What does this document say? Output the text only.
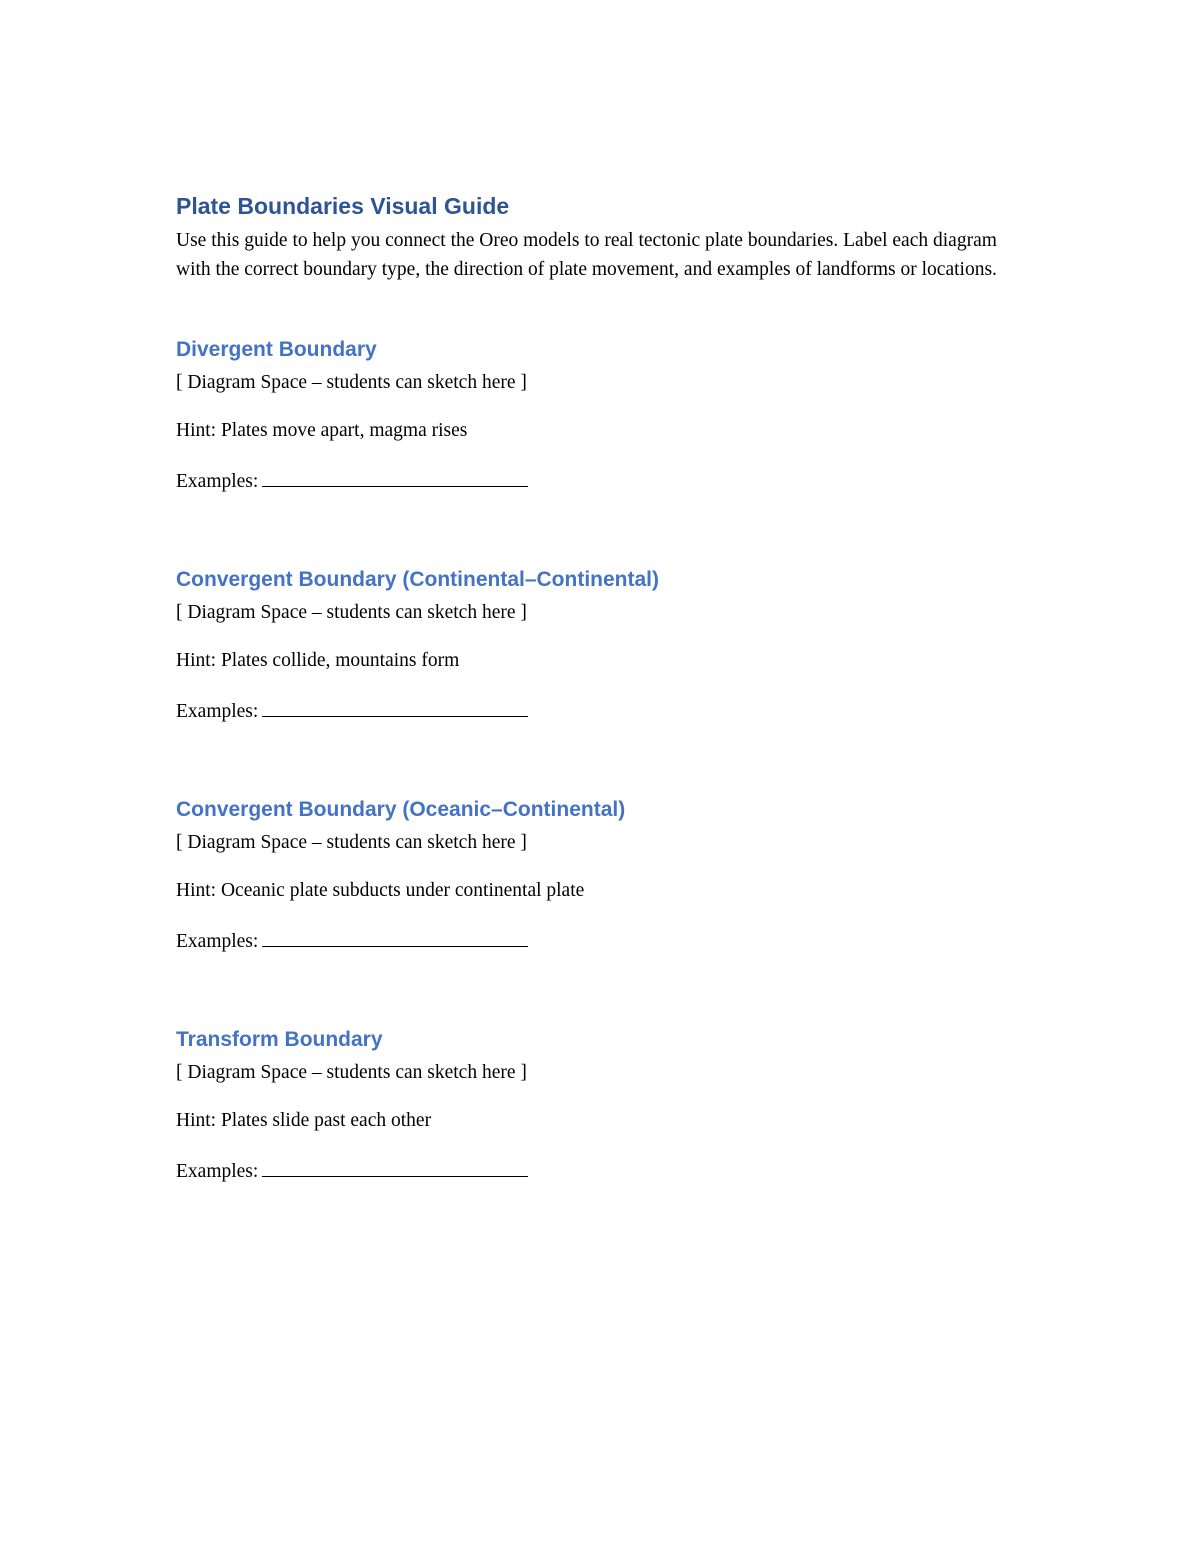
Plate Boundaries Visual Guide

Use this guide to help you connect the Oreo models to real tectonic plate boundaries. Label each diagram with the correct boundary type, the direction of plate movement, and examples of landforms or locations.

Divergent Boundary

[ Diagram Space – students can sketch here ]

Hint: Plates move apart, magma rises

Examples:

Convergent Boundary (Continental–Continental)

[ Diagram Space – students can sketch here ]

Hint: Plates collide, mountains form

Examples:

Convergent Boundary (Oceanic–Continental)

[ Diagram Space – students can sketch here ]

Hint: Oceanic plate subducts under continental plate

Examples:

Transform Boundary

[ Diagram Space – students can sketch here ]

Hint: Plates slide past each other

Examples:
